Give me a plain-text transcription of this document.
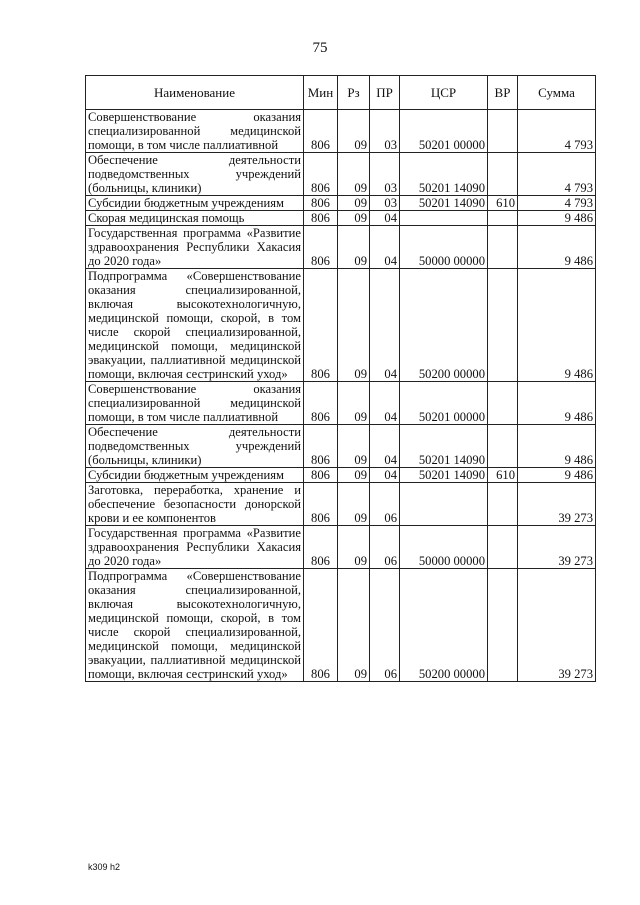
75
Наименование	Мин	Рз	ПР	ЦСР	ВР	Сумма
Совершенствование оказания специализированной медицинской помощи, в том числе паллиативной	806	09	03	50201 00000		4 793
Обеспечение деятельности подведомственных учреждений (больницы, клиники)	806	09	03	50201 14090		4 793
Субсидии бюджетным учреждениям	806	09	03	50201 14090	610	4 793
Скорая медицинская помощь	806	09	04			9 486
Государственная программа «Развитие здравоохранения Республики Хакасия до 2020 года»	806	09	04	50000 00000		9 486
Подпрограмма «Совершенствование оказания специализированной, включая высокотехнологичную, медицинской помощи, скорой, в том числе скорой специализированной, медицинской помощи, медицинской эвакуации, паллиативной медицинской помощи, включая сестринский уход»	806	09	04	50200 00000		9 486
Совершенствование оказания специализированной медицинской помощи, в том числе паллиативной	806	09	04	50201 00000		9 486
Обеспечение деятельности подведомственных учреждений (больницы, клиники)	806	09	04	50201 14090		9 486
Субсидии бюджетным учреждениям	806	09	04	50201 14090	610	9 486
Заготовка, переработка, хранение и обеспечение безопасности донорской крови и ее компонентов	806	09	06			39 273
Государственная программа «Развитие здравоохранения Республики Хакасия до 2020 года»	806	09	06	50000 00000		39 273
Подпрограмма «Совершенствование оказания специализированной, включая высокотехнологичную, медицинской помощи, скорой, в том числе скорой специализированной, медицинской помощи, медицинской эвакуации, паллиативной медицинской помощи, включая сестринский уход»	806	09	06	50200 00000		39 273
k309 h2
